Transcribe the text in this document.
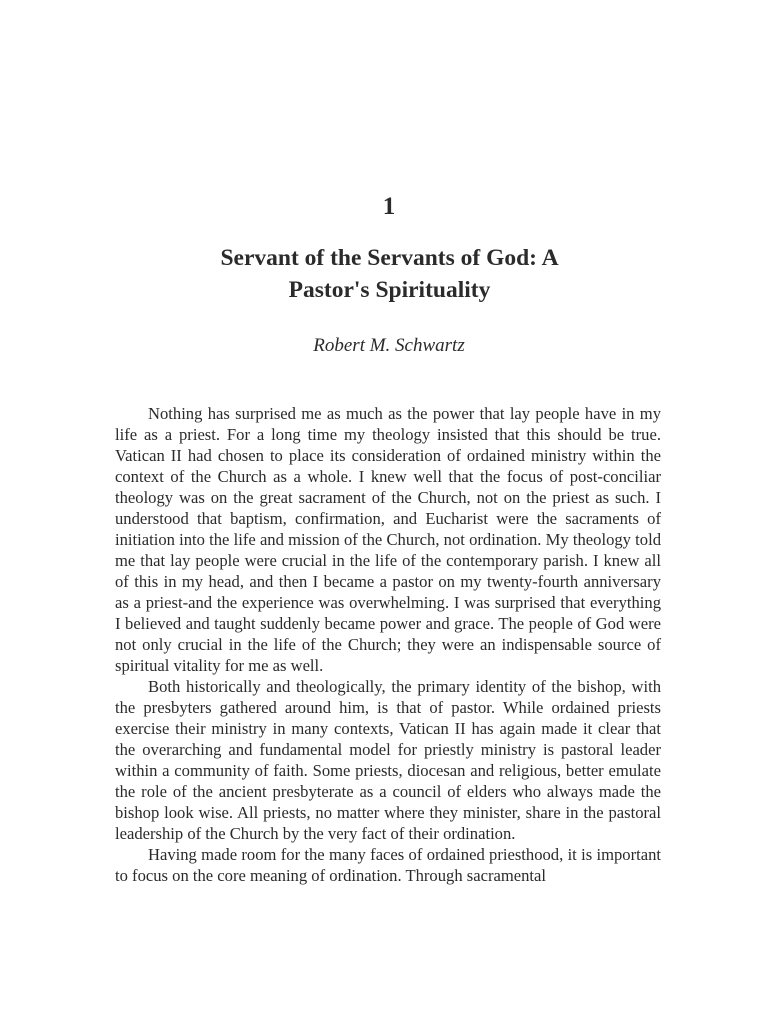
1
Servant of the Servants of God: A
Pastor's Spirituality
Robert M. Schwartz

Nothing has surprised me as much as the power that lay people have in my life as a priest. For a long time my theology insisted that this should be true. Vatican II had chosen to place its consideration of ordained ministry within the context of the Church as a whole. I knew well that the focus of post-conciliar theology was on the great sacrament of the Church, not on the priest as such. I understood that baptism, confirmation, and Eucharist were the sacraments of initiation into the life and mission of the Church, not ordination. My theology told me that lay people were crucial in the life of the contemporary parish. I knew all of this in my head, and then I became a pastor on my twenty-fourth anniversary as a priest-and the experience was overwhelming. I was surprised that everything I believed and taught suddenly became power and grace. The people of God were not only crucial in the life of the Church; they were an indispensable source of spiritual vitality for me as well.

Both historically and theologically, the primary identity of the bishop, with the presbyters gathered around him, is that of pastor. While ordained priests exercise their ministry in many contexts, Vatican II has again made it clear that the overarching and fundamental model for priestly ministry is pastoral leader within a community of faith. Some priests, diocesan and religious, better emulate the role of the ancient presbyterate as a council of elders who always made the bishop look wise. All priests, no matter where they minister, share in the pastoral leadership of the Church by the very fact of their ordination.

Having made room for the many faces of ordained priesthood, it is important to focus on the core meaning of ordination. Through sacramental
